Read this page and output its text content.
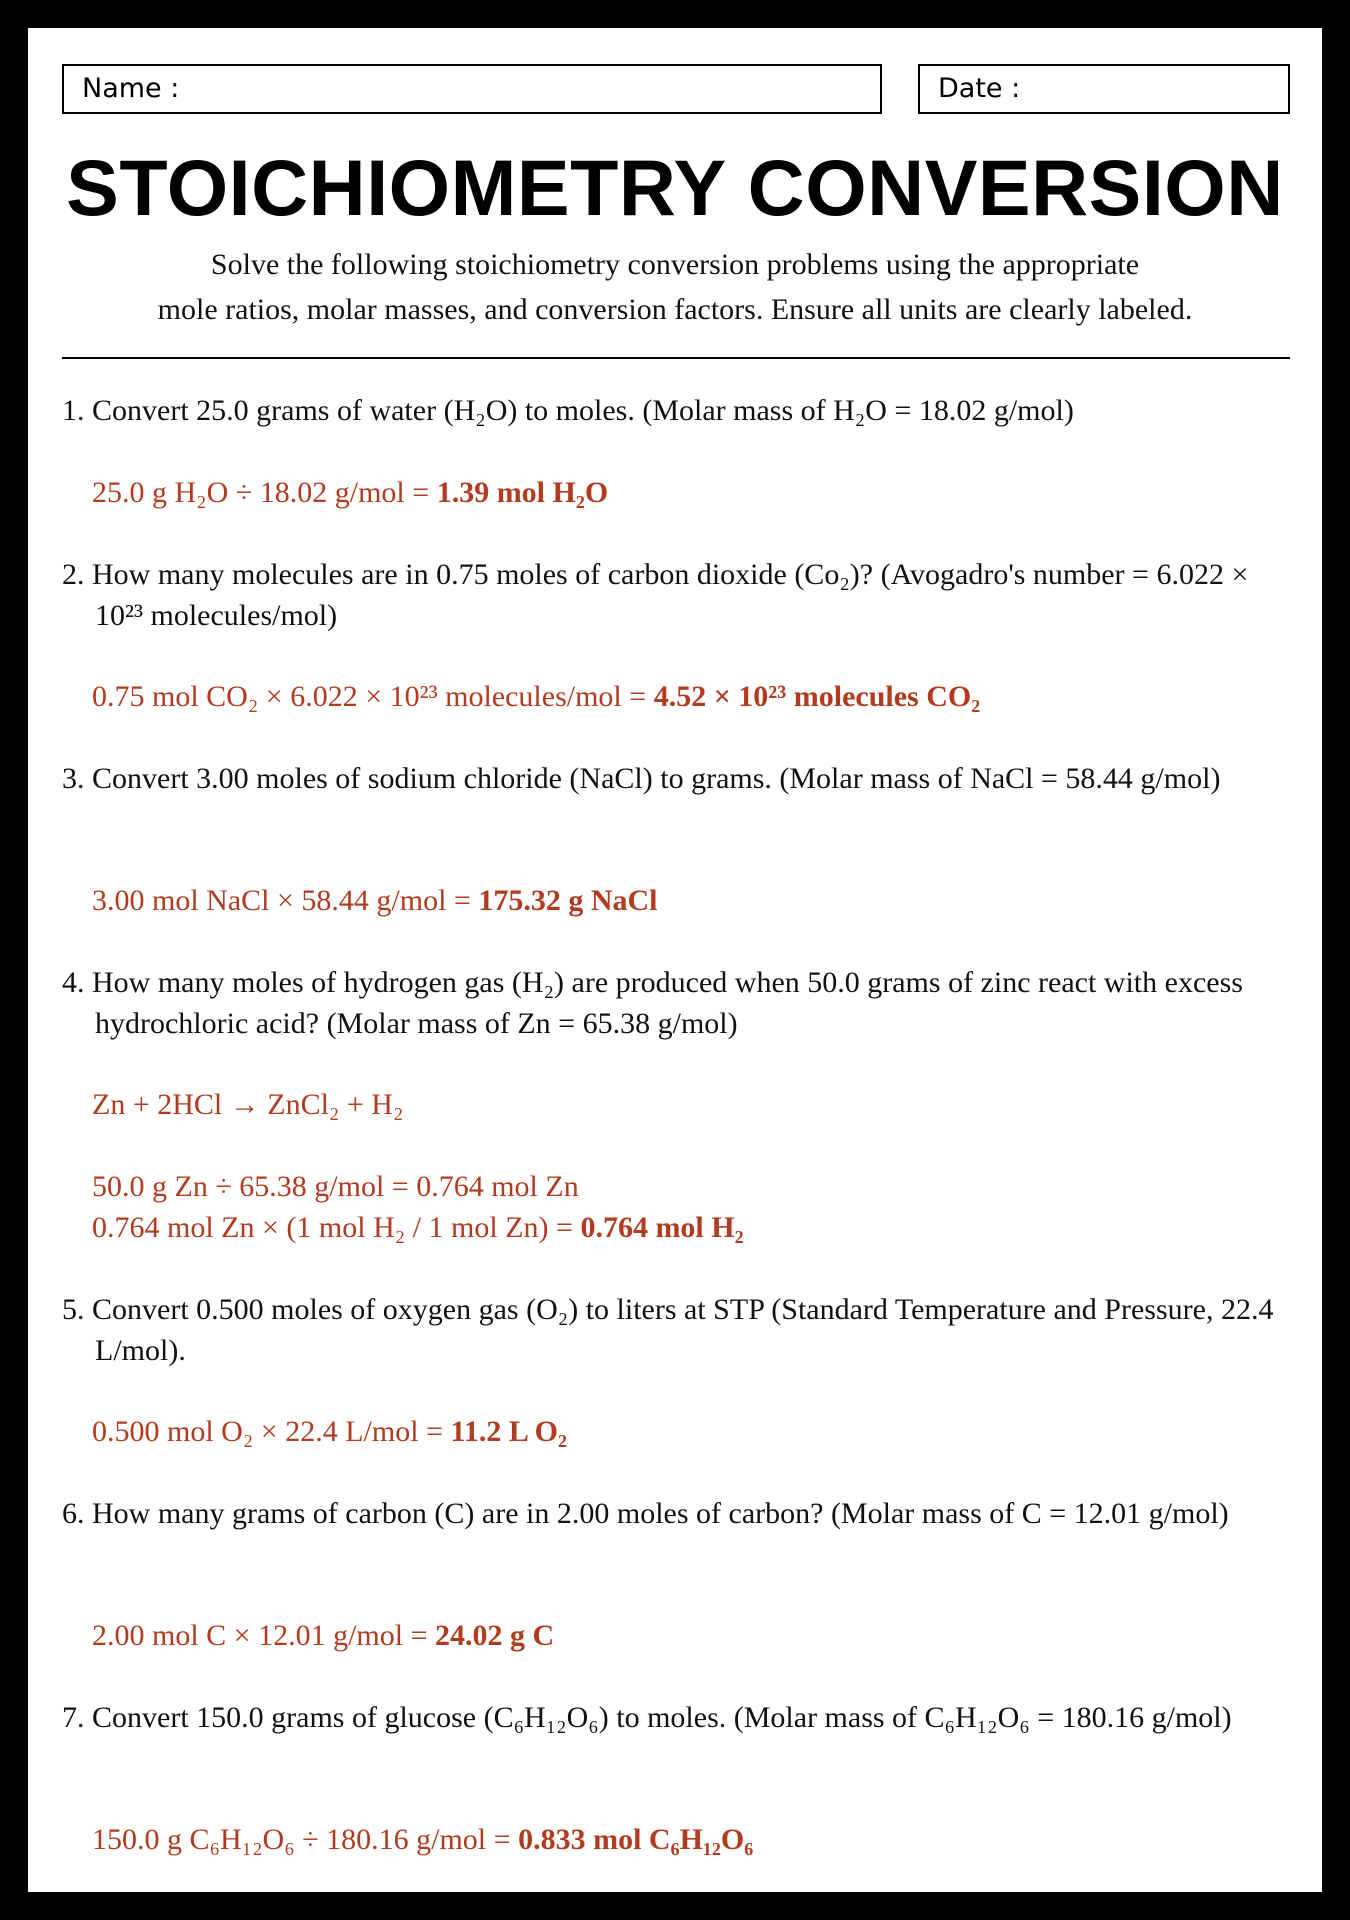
Name :	Date :
STOICHIOMETRY CONVERSION
Solve the following stoichiometry conversion problems using the appropriate
mole ratios, molar masses, and conversion factors. Ensure all units are clearly labeled.
1. Convert 25.0 grams of water (H₂O) to moles. (Molar mass of H₂O = 18.02 g/mol)
25.0 g H₂O ÷ 18.02 g/mol = 1.39 mol H₂O
2. How many molecules are in 0.75 moles of carbon dioxide (Co₂)? (Avogadro's number = 6.022 × 10²³ molecules/mol)
0.75 mol CO₂ × 6.022 × 10²³ molecules/mol = 4.52 × 10²³ molecules CO₂
3. Convert 3.00 moles of sodium chloride (NaCl) to grams. (Molar mass of NaCl = 58.44 g/mol)
3.00 mol NaCl × 58.44 g/mol = 175.32 g NaCl
4. How many moles of hydrogen gas (H₂) are produced when 50.0 grams of zinc react with excess hydrochloric acid? (Molar mass of Zn = 65.38 g/mol)
Zn + 2HCl → ZnCl₂ + H₂
50.0 g Zn ÷ 65.38 g/mol = 0.764 mol Zn
0.764 mol Zn × (1 mol H₂ / 1 mol Zn) = 0.764 mol H₂
5. Convert 0.500 moles of oxygen gas (O₂) to liters at STP (Standard Temperature and Pressure, 22.4 L/mol).
0.500 mol O₂ × 22.4 L/mol = 11.2 L O₂
6. How many grams of carbon (C) are in 2.00 moles of carbon? (Molar mass of C = 12.01 g/mol)
2.00 mol C × 12.01 g/mol = 24.02 g C
7. Convert 150.0 grams of glucose (C₆H₁₂O₆) to moles. (Molar mass of C₆H₁₂O₆ = 180.16 g/mol)
150.0 g C₆H₁₂O₆ ÷ 180.16 g/mol = 0.833 mol C₆H₁₂O₆
